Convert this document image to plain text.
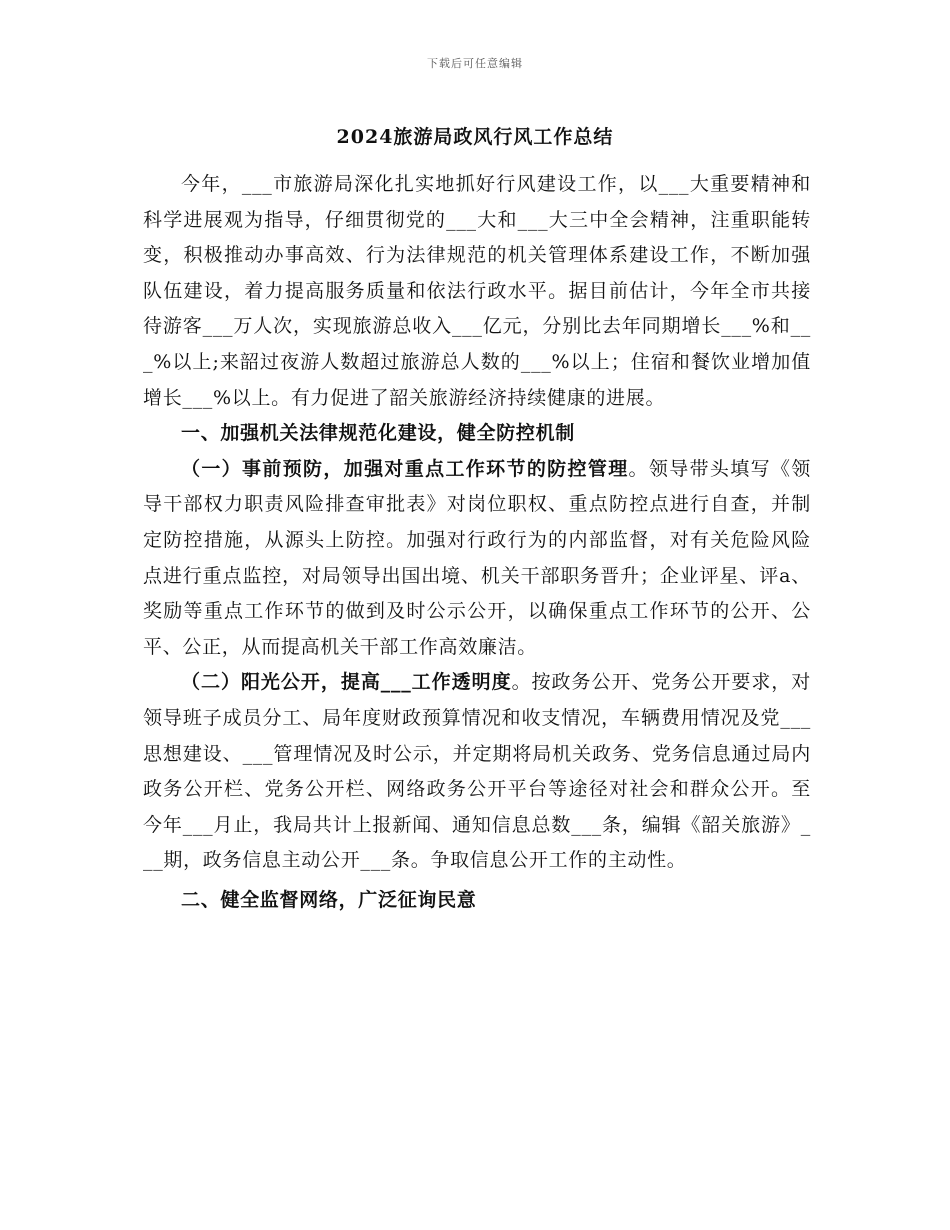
下载后可任意编辑
2024旅游局政风行风工作总结

今年，___市旅游局深化扎实地抓好行风建设工作，以___大重要精神和科学进展观为指导，仔细贯彻党的___大和___大三中全会精神，注重职能转变，积极推动办事高效、行为法律规范的机关管理体系建设工作，不断加强队伍建设，着力提高服务质量和依法行政水平。据目前估计，今年全市共接待游客___万人次，实现旅游总收入___亿元，分别比去年同期增长___%和___%以上;来韶过夜游人数超过旅游总人数的___%以上；住宿和餐饮业增加值增长___%以上。有力促进了韶关旅游经济持续健康的进展。

一、加强机关法律规范化建设，健全防控机制

（一）事前预防，加强对重点工作环节的防控管理。领导带头填写《领导干部权力职责风险排查审批表》对岗位职权、重点防控点进行自查，并制定防控措施，从源头上防控。加强对行政行为的内部监督，对有关危险风险点进行重点监控，对局领导出国出境、机关干部职务晋升；企业评星、评a、奖励等重点工作环节的做到及时公示公开，以确保重点工作环节的公开、公平、公正，从而提高机关干部工作高效廉洁。

（二）阳光公开，提高___工作透明度。按政务公开、党务公开要求，对领导班子成员分工、局年度财政预算情况和收支情况，车辆费用情况及党___思想建设、___管理情况及时公示，并定期将局机关政务、党务信息通过局内政务公开栏、党务公开栏、网络政务公开平台等途径对社会和群众公开。至今年___月止，我局共计上报新闻、通知信息总数___条，编辑《韶关旅游》___期，政务信息主动公开___条。争取信息公开工作的主动性。

二、健全监督网络，广泛征询民意
